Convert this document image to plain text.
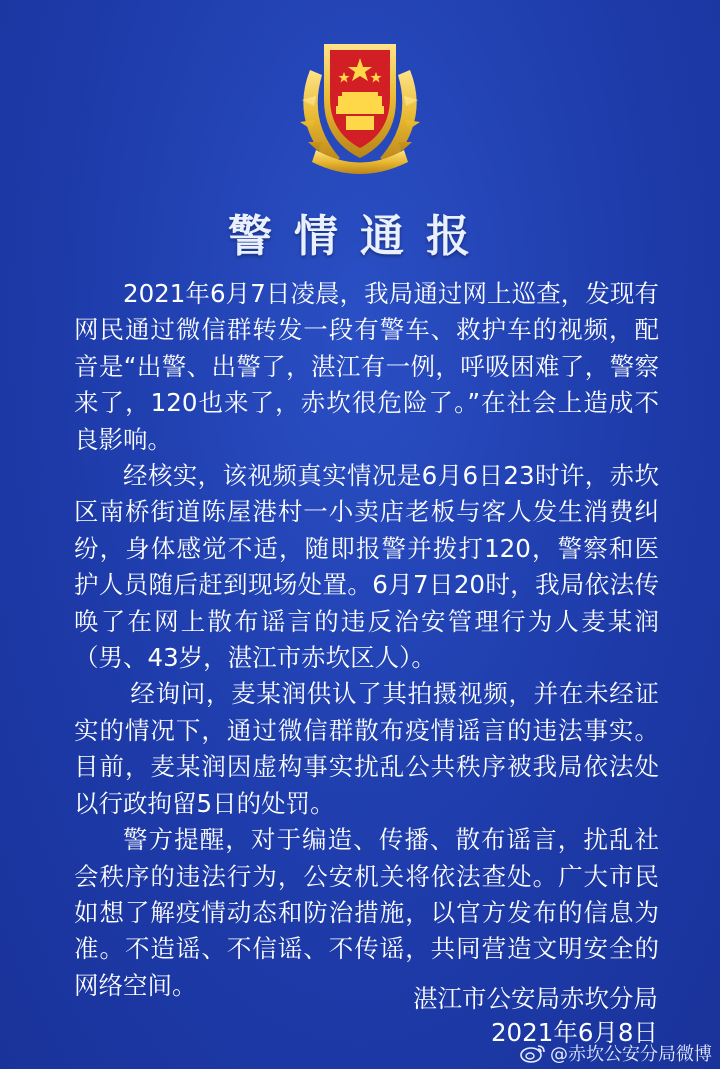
警情通报

2021年6月7日凌晨，我局通过网上巡查，发现有网民通过微信群转发一段有警车、救护车的视频，配音是“出警、出警了，湛江有一例，呼吸困难了，警察来了，120也来了，赤坎很危险了。”在社会上造成不良影响。

经核实，该视频真实情况是6月6日23时许，赤坎区南桥街道陈屋港村一小卖店老板与客人发生消费纠纷，身体感觉不适，随即报警并拨打120，警察和医护人员随后赶到现场处置。6月7日20时，我局依法传唤了在网上散布谣言的违反治安管理行为人麦某润（男、43岁，湛江市赤坎区人）。

经询问，麦某润供认了其拍摄视频，并在未经证实的情况下，通过微信群散布疫情谣言的违法事实。目前，麦某润因虚构事实扰乱公共秩序被我局依法处以行政拘留5日的处罚。

警方提醒，对于编造、传播、散布谣言，扰乱社会秩序的违法行为，公安机关将依法查处。广大市民如想了解疫情动态和防治措施，以官方发布的信息为准。不造谣、不信谣、不传谣，共同营造文明安全的网络空间。	湛江市公安局赤坎分局
2021年6月8日
@赤坎公安分局微博
